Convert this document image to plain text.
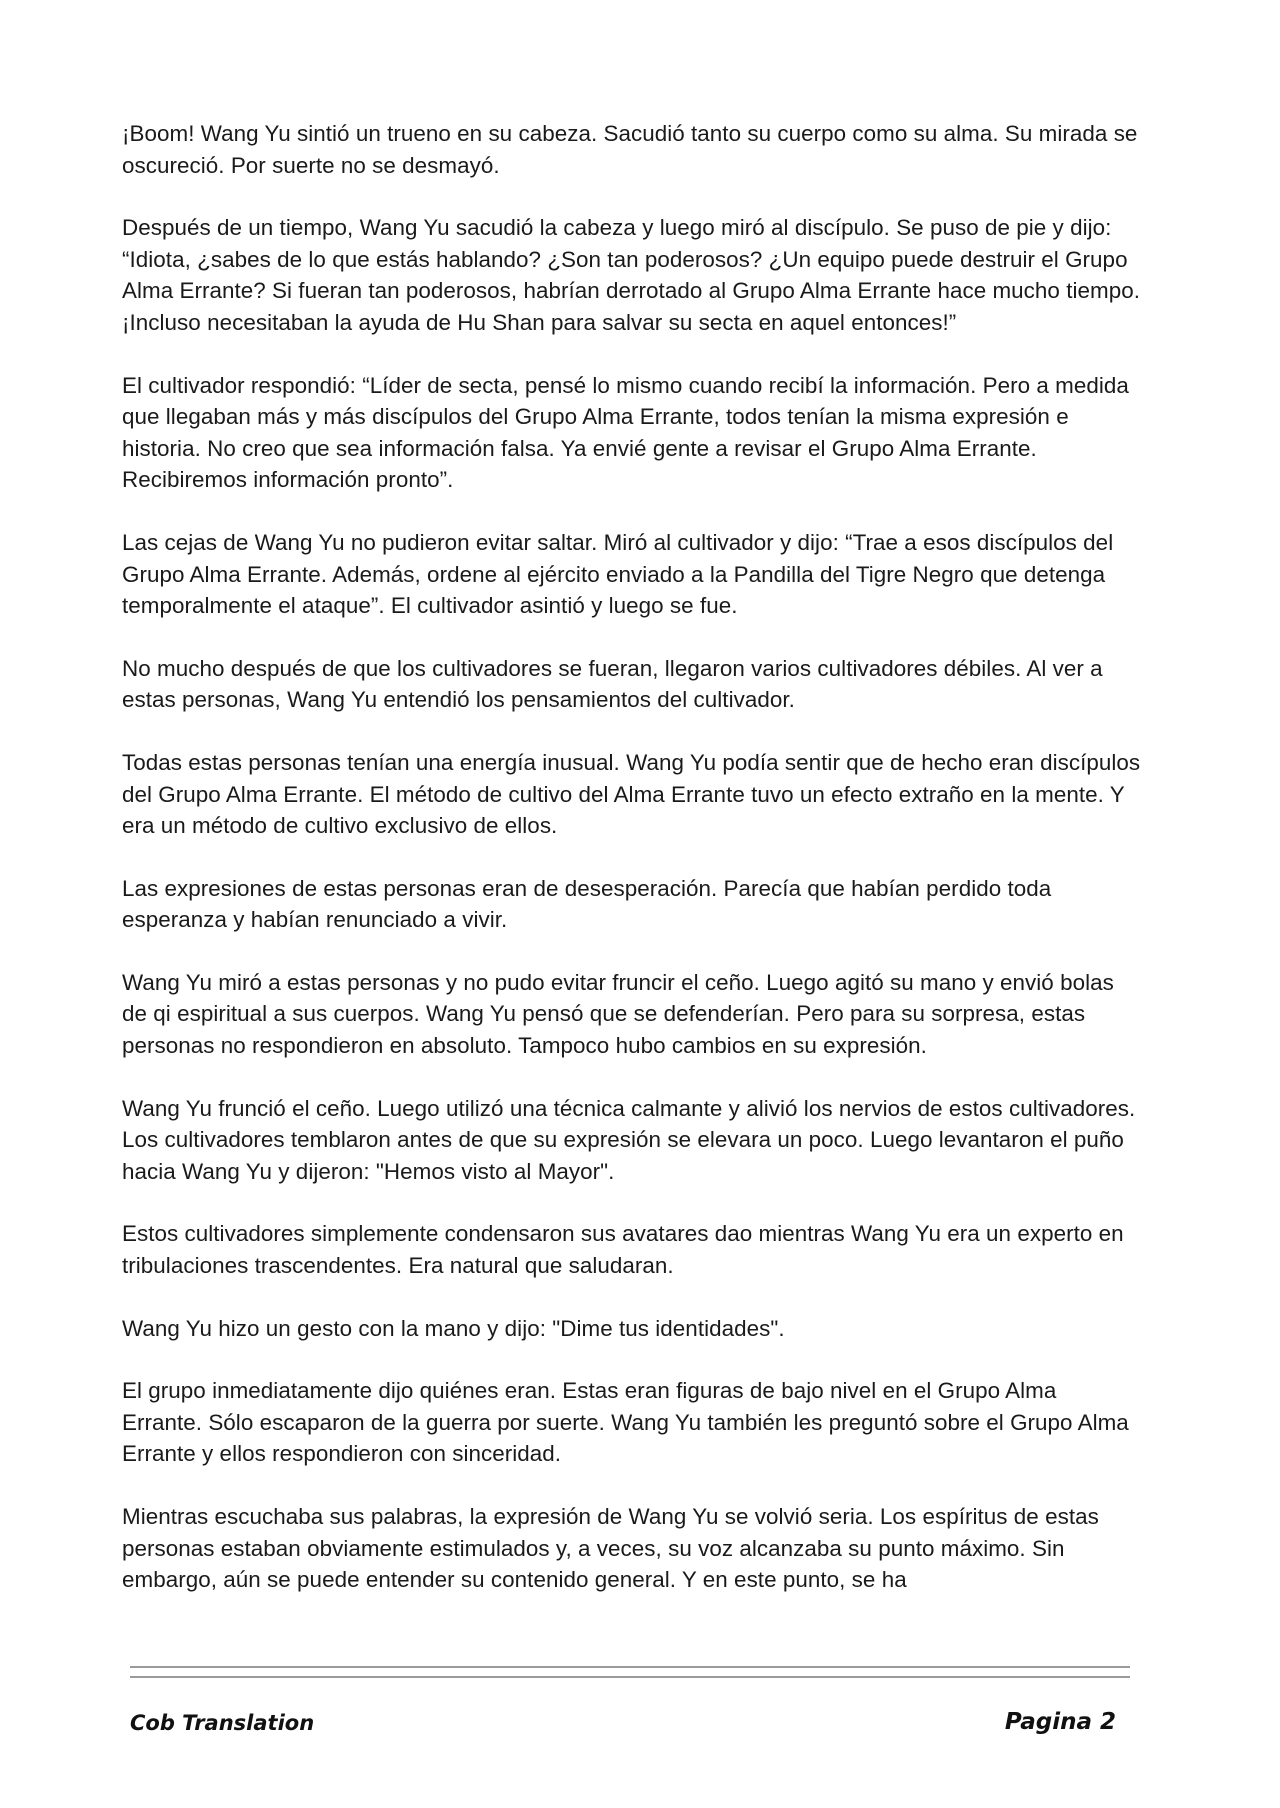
¡Boom! Wang Yu sintió un trueno en su cabeza. Sacudió tanto su cuerpo como su alma. Su mirada se oscureció. Por suerte no se desmayó.

Después de un tiempo, Wang Yu sacudió la cabeza y luego miró al discípulo. Se puso de pie y dijo: “Idiota, ¿sabes de lo que estás hablando? ¿Son tan poderosos? ¿Un equipo puede destruir el Grupo Alma Errante? Si fueran tan poderosos, habrían derrotado al Grupo Alma Errante hace mucho tiempo. ¡Incluso necesitaban la ayuda de Hu Shan para salvar su secta en aquel entonces!”

El cultivador respondió: “Líder de secta, pensé lo mismo cuando recibí la información. Pero a medida que llegaban más y más discípulos del Grupo Alma Errante, todos tenían la misma expresión e historia. No creo que sea información falsa. Ya envié gente a revisar el Grupo Alma Errante. Recibiremos información pronto”.

Las cejas de Wang Yu no pudieron evitar saltar. Miró al cultivador y dijo: “Trae a esos discípulos del Grupo Alma Errante. Además, ordene al ejército enviado a la Pandilla del Tigre Negro que detenga temporalmente el ataque”. El cultivador asintió y luego se fue.

No mucho después de que los cultivadores se fueran, llegaron varios cultivadores débiles. Al ver a estas personas, Wang Yu entendió los pensamientos del cultivador.

Todas estas personas tenían una energía inusual. Wang Yu podía sentir que de hecho eran discípulos del Grupo Alma Errante. El método de cultivo del Alma Errante tuvo un efecto extraño en la mente. Y era un método de cultivo exclusivo de ellos.

Las expresiones de estas personas eran de desesperación. Parecía que habían perdido toda esperanza y habían renunciado a vivir.

Wang Yu miró a estas personas y no pudo evitar fruncir el ceño. Luego agitó su mano y envió bolas de qi espiritual a sus cuerpos. Wang Yu pensó que se defenderían. Pero para su sorpresa, estas personas no respondieron en absoluto. Tampoco hubo cambios en su expresión.

Wang Yu frunció el ceño. Luego utilizó una técnica calmante y alivió los nervios de estos cultivadores. Los cultivadores temblaron antes de que su expresión se elevara un poco. Luego levantaron el puño hacia Wang Yu y dijeron: "Hemos visto al Mayor".

Estos cultivadores simplemente condensaron sus avatares dao mientras Wang Yu era un experto en tribulaciones trascendentes. Era natural que saludaran.

Wang Yu hizo un gesto con la mano y dijo: "Dime tus identidades".

El grupo inmediatamente dijo quiénes eran. Estas eran figuras de bajo nivel en el Grupo Alma Errante. Sólo escaparon de la guerra por suerte. Wang Yu también les preguntó sobre el Grupo Alma Errante y ellos respondieron con sinceridad.

Mientras escuchaba sus palabras, la expresión de Wang Yu se volvió seria. Los espíritus de estas personas estaban obviamente estimulados y, a veces, su voz alcanzaba su punto máximo. Sin embargo, aún se puede entender su contenido general. Y en este punto, se ha

Cob Translation	Pagina 2
